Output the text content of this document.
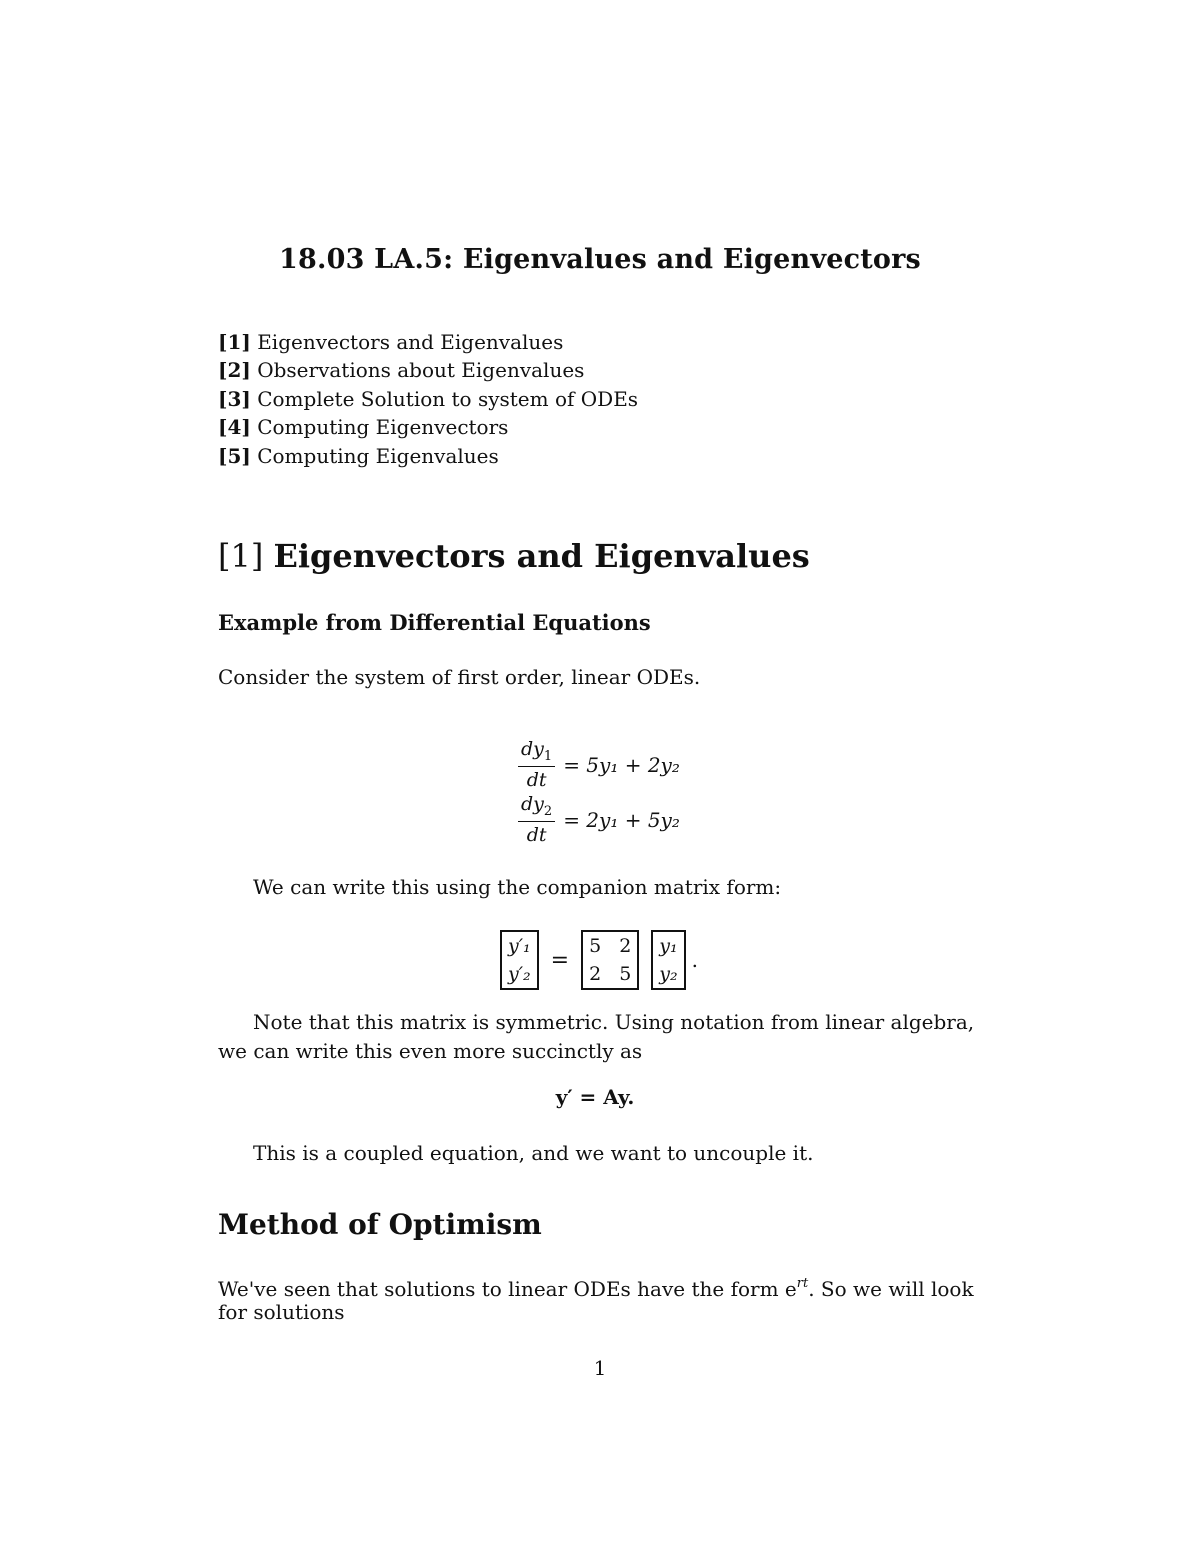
18.03 LA.5: Eigenvalues and Eigenvectors
[1] Eigenvectors and Eigenvalues
[2] Observations about Eigenvalues
[3] Complete Solution to system of ODEs
[4] Computing Eigenvectors
[5] Computing Eigenvalues
[1] Eigenvectors and Eigenvalues
Example from Differential Equations
Consider the system of first order, linear ODEs.
$\frac{dy_1}{dt} = 5y_1 + 2y_2$
$\frac{dy_2}{dt} = 2y_1 + 5y_2$
We can write this using the companion matrix form:
y′₁
y′₂
=
5 2
2 5
y₁
y₂
.
Note that this matrix is symmetric. Using notation from linear algebra,
we can write this even more succinctly as
y′ = Ay.
This is a coupled equation, and we want to uncouple it.
Method of Optimism
We've seen that solutions to linear ODEs have the form $e^{rt}$. So we will look
for solutions
1
